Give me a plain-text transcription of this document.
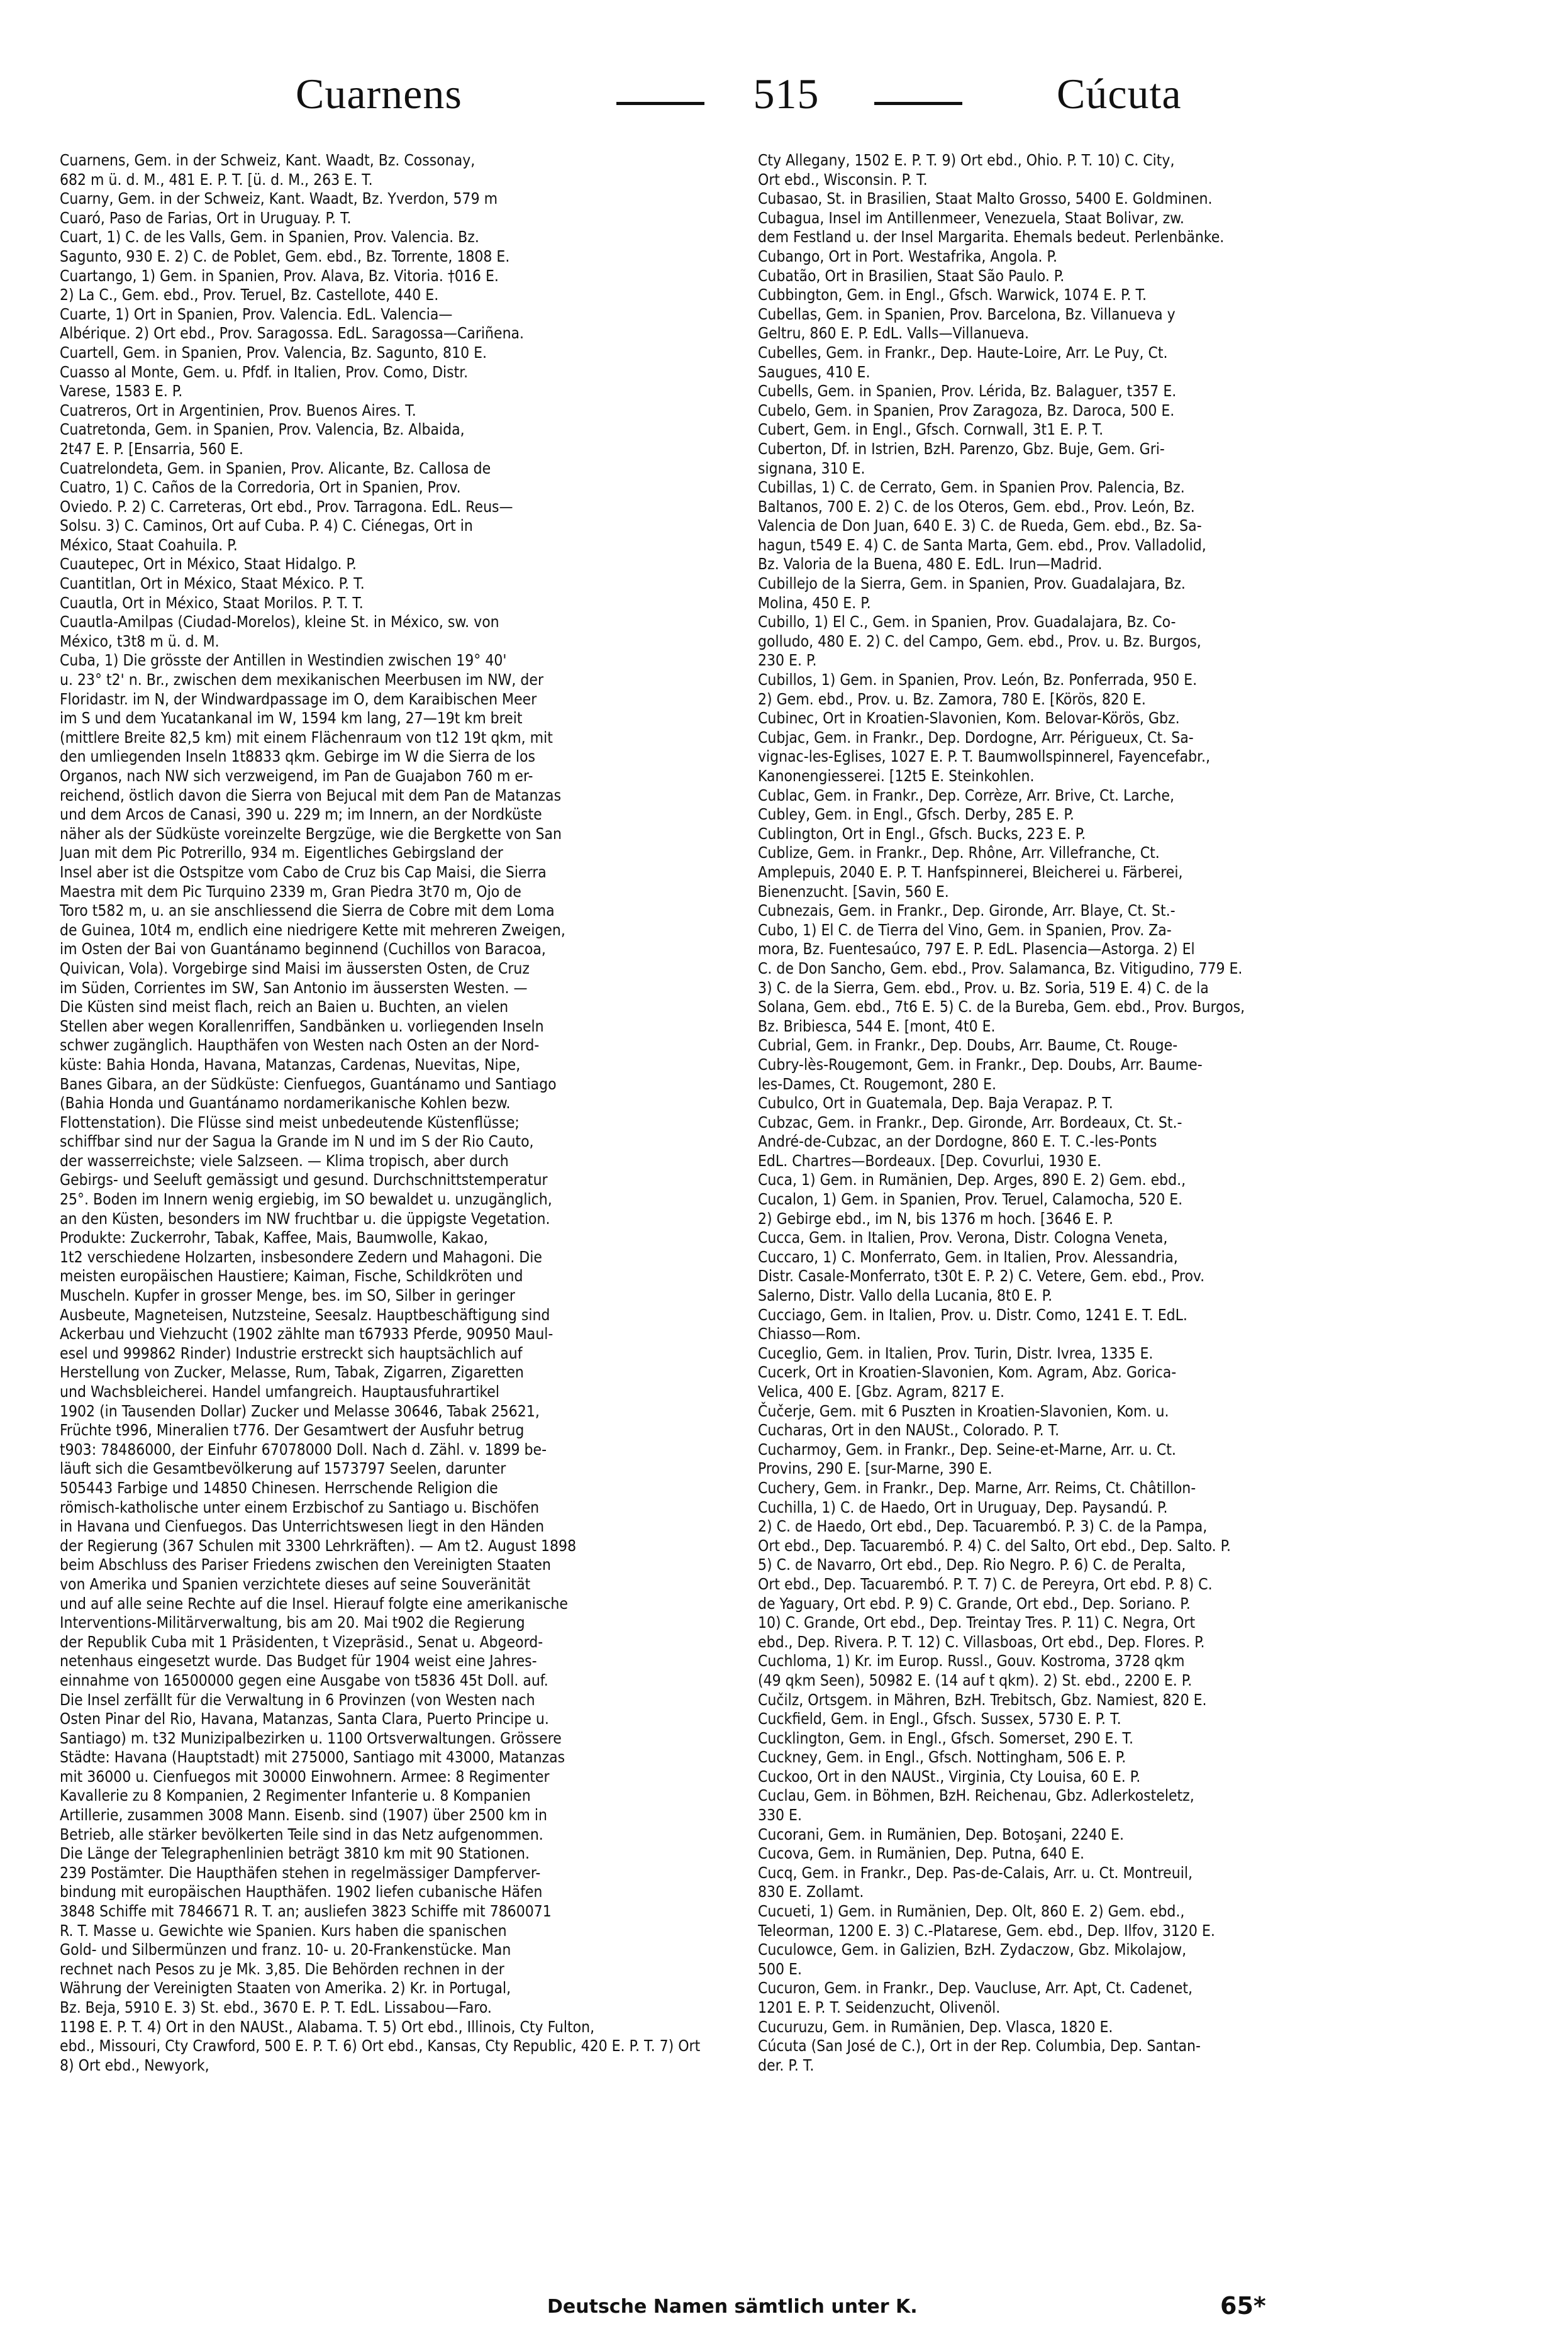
Cuarnens	515	Cúcuta
Cuarnens, Gem. in der Schweiz, Kant. Waadt, Bz. Cossonay,
682 m ü. d. M., 481 E. P. T. [ü. d. M., 263 E. T.
Cuarny, Gem. in der Schweiz, Kant. Waadt, Bz. Yverdon, 579 m
Cuaró, Paso de Farias, Ort in Uruguay. P. T.
Cuart, 1) C. de les Valls, Gem. in Spanien, Prov. Valencia. Bz.
Sagunto, 930 E. 2) C. de Poblet, Gem. ebd., Bz. Torrente, 1808 E.
Cuartango, 1) Gem. in Spanien, Prov. Alava, Bz. Vitoria. †016 E.
2) La C., Gem. ebd., Prov. Teruel, Bz. Castellote, 440 E.
Cuarte, 1) Ort in Spanien, Prov. Valencia. EdL. Valencia—
Albérique. 2) Ort ebd., Prov. Saragossa. EdL. Saragossa—Cariñena.
Cuartell, Gem. in Spanien, Prov. Valencia, Bz. Sagunto, 810 E.
Cuasso al Monte, Gem. u. Pfdf. in Italien, Prov. Como, Distr.
Varese, 1583 E. P.
Cuatreros, Ort in Argentinien, Prov. Buenos Aires. T.
Cuatretonda, Gem. in Spanien, Prov. Valencia, Bz. Albaida,
2t47 E. P. [Ensarria, 560 E.
Cuatrelondeta, Gem. in Spanien, Prov. Alicante, Bz. Callosa de
Cuatro, 1) C. Caños de la Corredoria, Ort in Spanien, Prov.
Oviedo. P. 2) C. Carreteras, Ort ebd., Prov. Tarragona. EdL. Reus—
Solsu. 3) C. Caminos, Ort auf Cuba. P. 4) C. Ciénegas, Ort in
México, Staat Coahuila. P.
Cuautepec, Ort in México, Staat Hidalgo. P.
Cuantitlan, Ort in México, Staat México. P. T.
Cuautla, Ort in México, Staat Morilos. P. T. T.
Cuautla-Amilpas (Ciudad-Morelos), kleine St. in México, sw. von
México, t3t8 m ü. d. M.
Cuba, 1) Die grösste der Antillen in Westindien zwischen 19° 40'
u. 23° t2' n. Br., zwischen dem mexikanischen Meerbusen im NW, der
Floridastr. im N, der Windwardpassage im O, dem Karaibischen Meer
im S und dem Yucatankanal im W, 1594 km lang, 27—19t km breit
(mittlere Breite 82,5 km) mit einem Flächenraum von t12 19t qkm, mit
den umliegenden Inseln 1t8833 qkm. Gebirge im W die Sierra de los
Organos, nach NW sich verzweigend, im Pan de Guajabon 760 m er-
reichend, östlich davon die Sierra von Bejucal mit dem Pan de Matanzas
und dem Arcos de Canasi, 390 u. 229 m; im Innern, an der Nordküste
näher als der Südküste voreinzelte Bergzüge, wie die Bergkette von San
Juan mit dem Pic Potrerillo, 934 m. Eigentliches Gebirgsland der
Insel aber ist die Ostspitze vom Cabo de Cruz bis Cap Maisi, die Sierra
Maestra mit dem Pic Turquino 2339 m, Gran Piedra 3t70 m, Ojo de
Toro t582 m, u. an sie anschliessend die Sierra de Cobre mit dem Loma
de Guinea, 10t4 m, endlich eine niedrigere Kette mit mehreren Zweigen,
im Osten der Bai von Guantánamo beginnend (Cuchillos von Baracoa,
Quivican, Vola). Vorgebirge sind Maisi im äussersten Osten, de Cruz
im Süden, Corrientes im SW, San Antonio im äussersten Westen. —
Die Küsten sind meist flach, reich an Baien u. Buchten, an vielen
Stellen aber wegen Korallenriffen, Sandbänken u. vorliegenden Inseln
schwer zugänglich. Haupthäfen von Westen nach Osten an der Nord-
küste: Bahia Honda, Havana, Matanzas, Cardenas, Nuevitas, Nipe,
Banes Gibara, an der Südküste: Cienfuegos, Guantánamo und Santiago
(Bahia Honda und Guantánamo nordamerikanische Kohlen bezw.
Flottenstation). Die Flüsse sind meist unbedeutende Küstenflüsse;
schiffbar sind nur der Sagua la Grande im N und im S der Rio Cauto,
der wasserreichste; viele Salzseen. — Klima tropisch, aber durch
Gebirgs- und Seeluft gemässigt und gesund. Durchschnittstemperatur
25°. Boden im Innern wenig ergiebig, im SO bewaldet u. unzugänglich,
an den Küsten, besonders im NW fruchtbar u. die üppigste Vegetation.
Produkte: Zuckerrohr, Tabak, Kaffee, Mais, Baumwolle, Kakao,
1t2 verschiedene Holzarten, insbesondere Zedern und Mahagoni. Die
meisten europäischen Haustiere; Kaiman, Fische, Schildkröten und
Muscheln. Kupfer in grosser Menge, bes. im SO, Silber in geringer
Ausbeute, Magneteisen, Nutzsteine, Seesalz. Hauptbeschäftigung sind
Ackerbau und Viehzucht (1902 zählte man t67933 Pferde, 90950 Maul-
esel und 999862 Rinder) Industrie erstreckt sich hauptsächlich auf
Herstellung von Zucker, Melasse, Rum, Tabak, Zigarren, Zigaretten
und Wachsbleicherei. Handel umfangreich. Hauptausfuhrartikel
1902 (in Tausenden Dollar) Zucker und Melasse 30646, Tabak 25621,
Früchte t996, Mineralien t776. Der Gesamtwert der Ausfuhr betrug
t903: 78486000, der Einfuhr 67078000 Doll. Nach d. Zähl. v. 1899 be-
läuft sich die Gesamtbevölkerung auf 1573797 Seelen, darunter
505443 Farbige und 14850 Chinesen. Herrschende Religion die
römisch-katholische unter einem Erzbischof zu Santiago u. Bischöfen
in Havana und Cienfuegos. Das Unterrichtswesen liegt in den Händen
der Regierung (367 Schulen mit 3300 Lehrkräften). — Am t2. August 1898
beim Abschluss des Pariser Friedens zwischen den Vereinigten Staaten
von Amerika und Spanien verzichtete dieses auf seine Souveränität
und auf alle seine Rechte auf die Insel. Hierauf folgte eine amerikanische
Interventions-Militärverwaltung, bis am 20. Mai t902 die Regierung
der Republik Cuba mit 1 Präsidenten, t Vizepräsid., Senat u. Abgeord-
netenhaus eingesetzt wurde. Das Budget für 1904 weist eine Jahres-
einnahme von 16500000 gegen eine Ausgabe von t5836 45t Doll. auf.
Die Insel zerfällt für die Verwaltung in 6 Provinzen (von Westen nach
Osten Pinar del Rio, Havana, Matanzas, Santa Clara, Puerto Principe u.
Santiago) m. t32 Munizipalbezirken u. 1100 Ortsverwaltungen. Grössere
Städte: Havana (Hauptstadt) mit 275000, Santiago mit 43000, Matanzas
mit 36000 u. Cienfuegos mit 30000 Einwohnern. Armee: 8 Regimenter
Kavallerie zu 8 Kompanien, 2 Regimenter Infanterie u. 8 Kompanien
Artillerie, zusammen 3008 Mann. Eisenb. sind (1907) über 2500 km in
Betrieb, alle stärker bevölkerten Teile sind in das Netz aufgenommen.
Die Länge der Telegraphenlinien beträgt 3810 km mit 90 Stationen.
239 Postämter. Die Haupthäfen stehen in regelmässiger Dampferver-
bindung mit europäischen Haupthäfen. 1902 liefen cubanische Häfen
3848 Schiffe mit 7846671 R. T. an; ausliefen 3823 Schiffe mit 7860071
R. T. Masse u. Gewichte wie Spanien. Kurs haben die spanischen
Gold- und Silbermünzen und franz. 10- u. 20-Frankenstücke. Man
rechnet nach Pesos zu je Mk. 3,85. Die Behörden rechnen in der
Währung der Vereinigten Staaten von Amerika. 2) Kr. in Portugal,
Bz. Beja, 5910 E. 3) St. ebd., 3670 E. P. T. EdL. Lissabou—Faro.
1198 E. P. T. 4) Ort in den NAUSt., Alabama. T. 5) Ort ebd., Illinois, Cty Fulton,
ebd., Missouri, Cty Crawford, 500 E. P. T. 6) Ort ebd., Kansas, Cty Republic, 420 E. P. T. 7) Ort
8) Ort ebd., Newyork,
Cty Allegany, 1502 E. P. T. 9) Ort ebd., Ohio. P. T. 10) C. City,
Ort ebd., Wisconsin. P. T.
Cubasao, St. in Brasilien, Staat Malto Grosso, 5400 E. Goldminen.
Cubagua, Insel im Antillenmeer, Venezuela, Staat Bolivar, zw.
dem Festland u. der Insel Margarita. Ehemals bedeut. Perlenbänke.
Cubango, Ort in Port. Westafrika, Angola. P.
Cubatão, Ort in Brasilien, Staat São Paulo. P.
Cubbington, Gem. in Engl., Gfsch. Warwick, 1074 E. P. T.
Cubellas, Gem. in Spanien, Prov. Barcelona, Bz. Villanueva y
Geltru, 860 E. P. EdL. Valls—Villanueva.
Cubelles, Gem. in Frankr., Dep. Haute-Loire, Arr. Le Puy, Ct.
Saugues, 410 E.
Cubells, Gem. in Spanien, Prov. Lérida, Bz. Balaguer, t357 E.
Cubelo, Gem. in Spanien, Prov Zaragoza, Bz. Daroca, 500 E.
Cubert, Gem. in Engl., Gfsch. Cornwall, 3t1 E. P. T.
Cuberton, Df. in Istrien, BzH. Parenzo, Gbz. Buje, Gem. Gri-
signana, 310 E.
Cubillas, 1) C. de Cerrato, Gem. in Spanien Prov. Palencia, Bz.
Baltanos, 700 E. 2) C. de los Oteros, Gem. ebd., Prov. León, Bz.
Valencia de Don Juan, 640 E. 3) C. de Rueda, Gem. ebd., Bz. Sa-
hagun, t549 E. 4) C. de Santa Marta, Gem. ebd., Prov. Valladolid,
Bz. Valoria de la Buena, 480 E. EdL. Irun—Madrid.
Cubillejo de la Sierra, Gem. in Spanien, Prov. Guadalajara, Bz.
Molina, 450 E. P.
Cubillo, 1) El C., Gem. in Spanien, Prov. Guadalajara, Bz. Co-
golludo, 480 E. 2) C. del Campo, Gem. ebd., Prov. u. Bz. Burgos,
230 E. P.
Cubillos, 1) Gem. in Spanien, Prov. León, Bz. Ponferrada, 950 E.
2) Gem. ebd., Prov. u. Bz. Zamora, 780 E. [Körös, 820 E.
Cubinec, Ort in Kroatien-Slavonien, Kom. Belovar-Körös, Gbz.
Cubjac, Gem. in Frankr., Dep. Dordogne, Arr. Périgueux, Ct. Sa-
vignac-les-Eglises, 1027 E. P. T. Baumwollspinnerel, Fayencefabr.,
Kanonengiesserei. [12t5 E. Steinkohlen.
Cublac, Gem. in Frankr., Dep. Corrèze, Arr. Brive, Ct. Larche,
Cubley, Gem. in Engl., Gfsch. Derby, 285 E. P.
Cublington, Ort in Engl., Gfsch. Bucks, 223 E. P.
Cublize, Gem. in Frankr., Dep. Rhône, Arr. Villefranche, Ct.
Amplepuis, 2040 E. P. T. Hanfspinnerei, Bleicherei u. Färberei,
Bienenzucht. [Savin, 560 E.
Cubnezais, Gem. in Frankr., Dep. Gironde, Arr. Blaye, Ct. St.-
Cubo, 1) El C. de Tierra del Vino, Gem. in Spanien, Prov. Za-
mora, Bz. Fuentesaúco, 797 E. P. EdL. Plasencia—Astorga. 2) El
C. de Don Sancho, Gem. ebd., Prov. Salamanca, Bz. Vitigudino, 779 E.
3) C. de la Sierra, Gem. ebd., Prov. u. Bz. Soria, 519 E. 4) C. de la
Solana, Gem. ebd., 7t6 E. 5) C. de la Bureba, Gem. ebd., Prov. Burgos,
Bz. Bribiesca, 544 E. [mont, 4t0 E.
Cubrial, Gem. in Frankr., Dep. Doubs, Arr. Baume, Ct. Rouge-
Cubry-lès-Rougemont, Gem. in Frankr., Dep. Doubs, Arr. Baume-
les-Dames, Ct. Rougemont, 280 E.
Cubulco, Ort in Guatemala, Dep. Baja Verapaz. P. T.
Cubzac, Gem. in Frankr., Dep. Gironde, Arr. Bordeaux, Ct. St.-
André-de-Cubzac, an der Dordogne, 860 E. T. C.-les-Ponts
EdL. Chartres—Bordeaux. [Dep. Covurlui, 1930 E.
Cuca, 1) Gem. in Rumänien, Dep. Arges, 890 E. 2) Gem. ebd.,
Cucalon, 1) Gem. in Spanien, Prov. Teruel, Calamocha, 520 E.
2) Gebirge ebd., im N, bis 1376 m hoch. [3646 E. P.
Cucca, Gem. in Italien, Prov. Verona, Distr. Cologna Veneta,
Cuccaro, 1) C. Monferrato, Gem. in Italien, Prov. Alessandria,
Distr. Casale-Monferrato, t30t E. P. 2) C. Vetere, Gem. ebd., Prov.
Salerno, Distr. Vallo della Lucania, 8t0 E. P.
Cucciago, Gem. in Italien, Prov. u. Distr. Como, 1241 E. T. EdL.
Chiasso—Rom.
Cuceglio, Gem. in Italien, Prov. Turin, Distr. Ivrea, 1335 E.
Cucerk, Ort in Kroatien-Slavonien, Kom. Agram, Abz. Gorica-
Velica, 400 E. [Gbz. Agram, 8217 E.
Čučerje, Gem. mit 6 Puszten in Kroatien-Slavonien, Kom. u.
Cucharas, Ort in den NAUSt., Colorado. P. T.
Cucharmoy, Gem. in Frankr., Dep. Seine-et-Marne, Arr. u. Ct.
Provins, 290 E. [sur-Marne, 390 E.
Cuchery, Gem. in Frankr., Dep. Marne, Arr. Reims, Ct. Châtillon-
Cuchilla, 1) C. de Haedo, Ort in Uruguay, Dep. Paysandú. P.
2) C. de Haedo, Ort ebd., Dep. Tacuarembó. P. 3) C. de la Pampa,
Ort ebd., Dep. Tacuarembó. P. 4) C. del Salto, Ort ebd., Dep. Salto. P.
5) C. de Navarro, Ort ebd., Dep. Rio Negro. P. 6) C. de Peralta,
Ort ebd., Dep. Tacuarembó. P. T. 7) C. de Pereyra, Ort ebd. P. 8) C.
de Yaguary, Ort ebd. P. 9) C. Grande, Ort ebd., Dep. Soriano. P.
10) C. Grande, Ort ebd., Dep. Treintay Tres. P. 11) C. Negra, Ort
ebd., Dep. Rivera. P. T. 12) C. Villasboas, Ort ebd., Dep. Flores. P.
Cuchloma, 1) Kr. im Europ. Russl., Gouv. Kostroma, 3728 qkm
(49 qkm Seen), 50982 E. (14 auf t qkm). 2) St. ebd., 2200 E. P.
Cučilz, Ortsgem. in Mähren, BzH. Trebitsch, Gbz. Namiest, 820 E.
Cuckfield, Gem. in Engl., Gfsch. Sussex, 5730 E. P. T.
Cucklington, Gem. in Engl., Gfsch. Somerset, 290 E. T.
Cuckney, Gem. in Engl., Gfsch. Nottingham, 506 E. P.
Cuckoo, Ort in den NAUSt., Virginia, Cty Louisa, 60 E. P.
Cuclau, Gem. in Böhmen, BzH. Reichenau, Gbz. Adlerkosteletz,
330 E.
Cucorani, Gem. in Rumänien, Dep. Botoşani, 2240 E.
Cucova, Gem. in Rumänien, Dep. Putna, 640 E.
Cucq, Gem. in Frankr., Dep. Pas-de-Calais, Arr. u. Ct. Montreuil,
830 E. Zollamt.
Cucueti, 1) Gem. in Rumänien, Dep. Olt, 860 E. 2) Gem. ebd.,
Teleorman, 1200 E. 3) C.-Platarese, Gem. ebd., Dep. Ilfov, 3120 E.
Cuculowce, Gem. in Galizien, BzH. Zydaczow, Gbz. Mikolajow,
500 E.
Cucuron, Gem. in Frankr., Dep. Vaucluse, Arr. Apt, Ct. Cadenet,
1201 E. P. T. Seidenzucht, Olivenöl.
Cucuruzu, Gem. in Rumänien, Dep. Vlasca, 1820 E.
Cúcuta (San José de C.), Ort in der Rep. Columbia, Dep. Santan-
der. P. T.
Deutsche Namen sämtlich unter K.	65*
